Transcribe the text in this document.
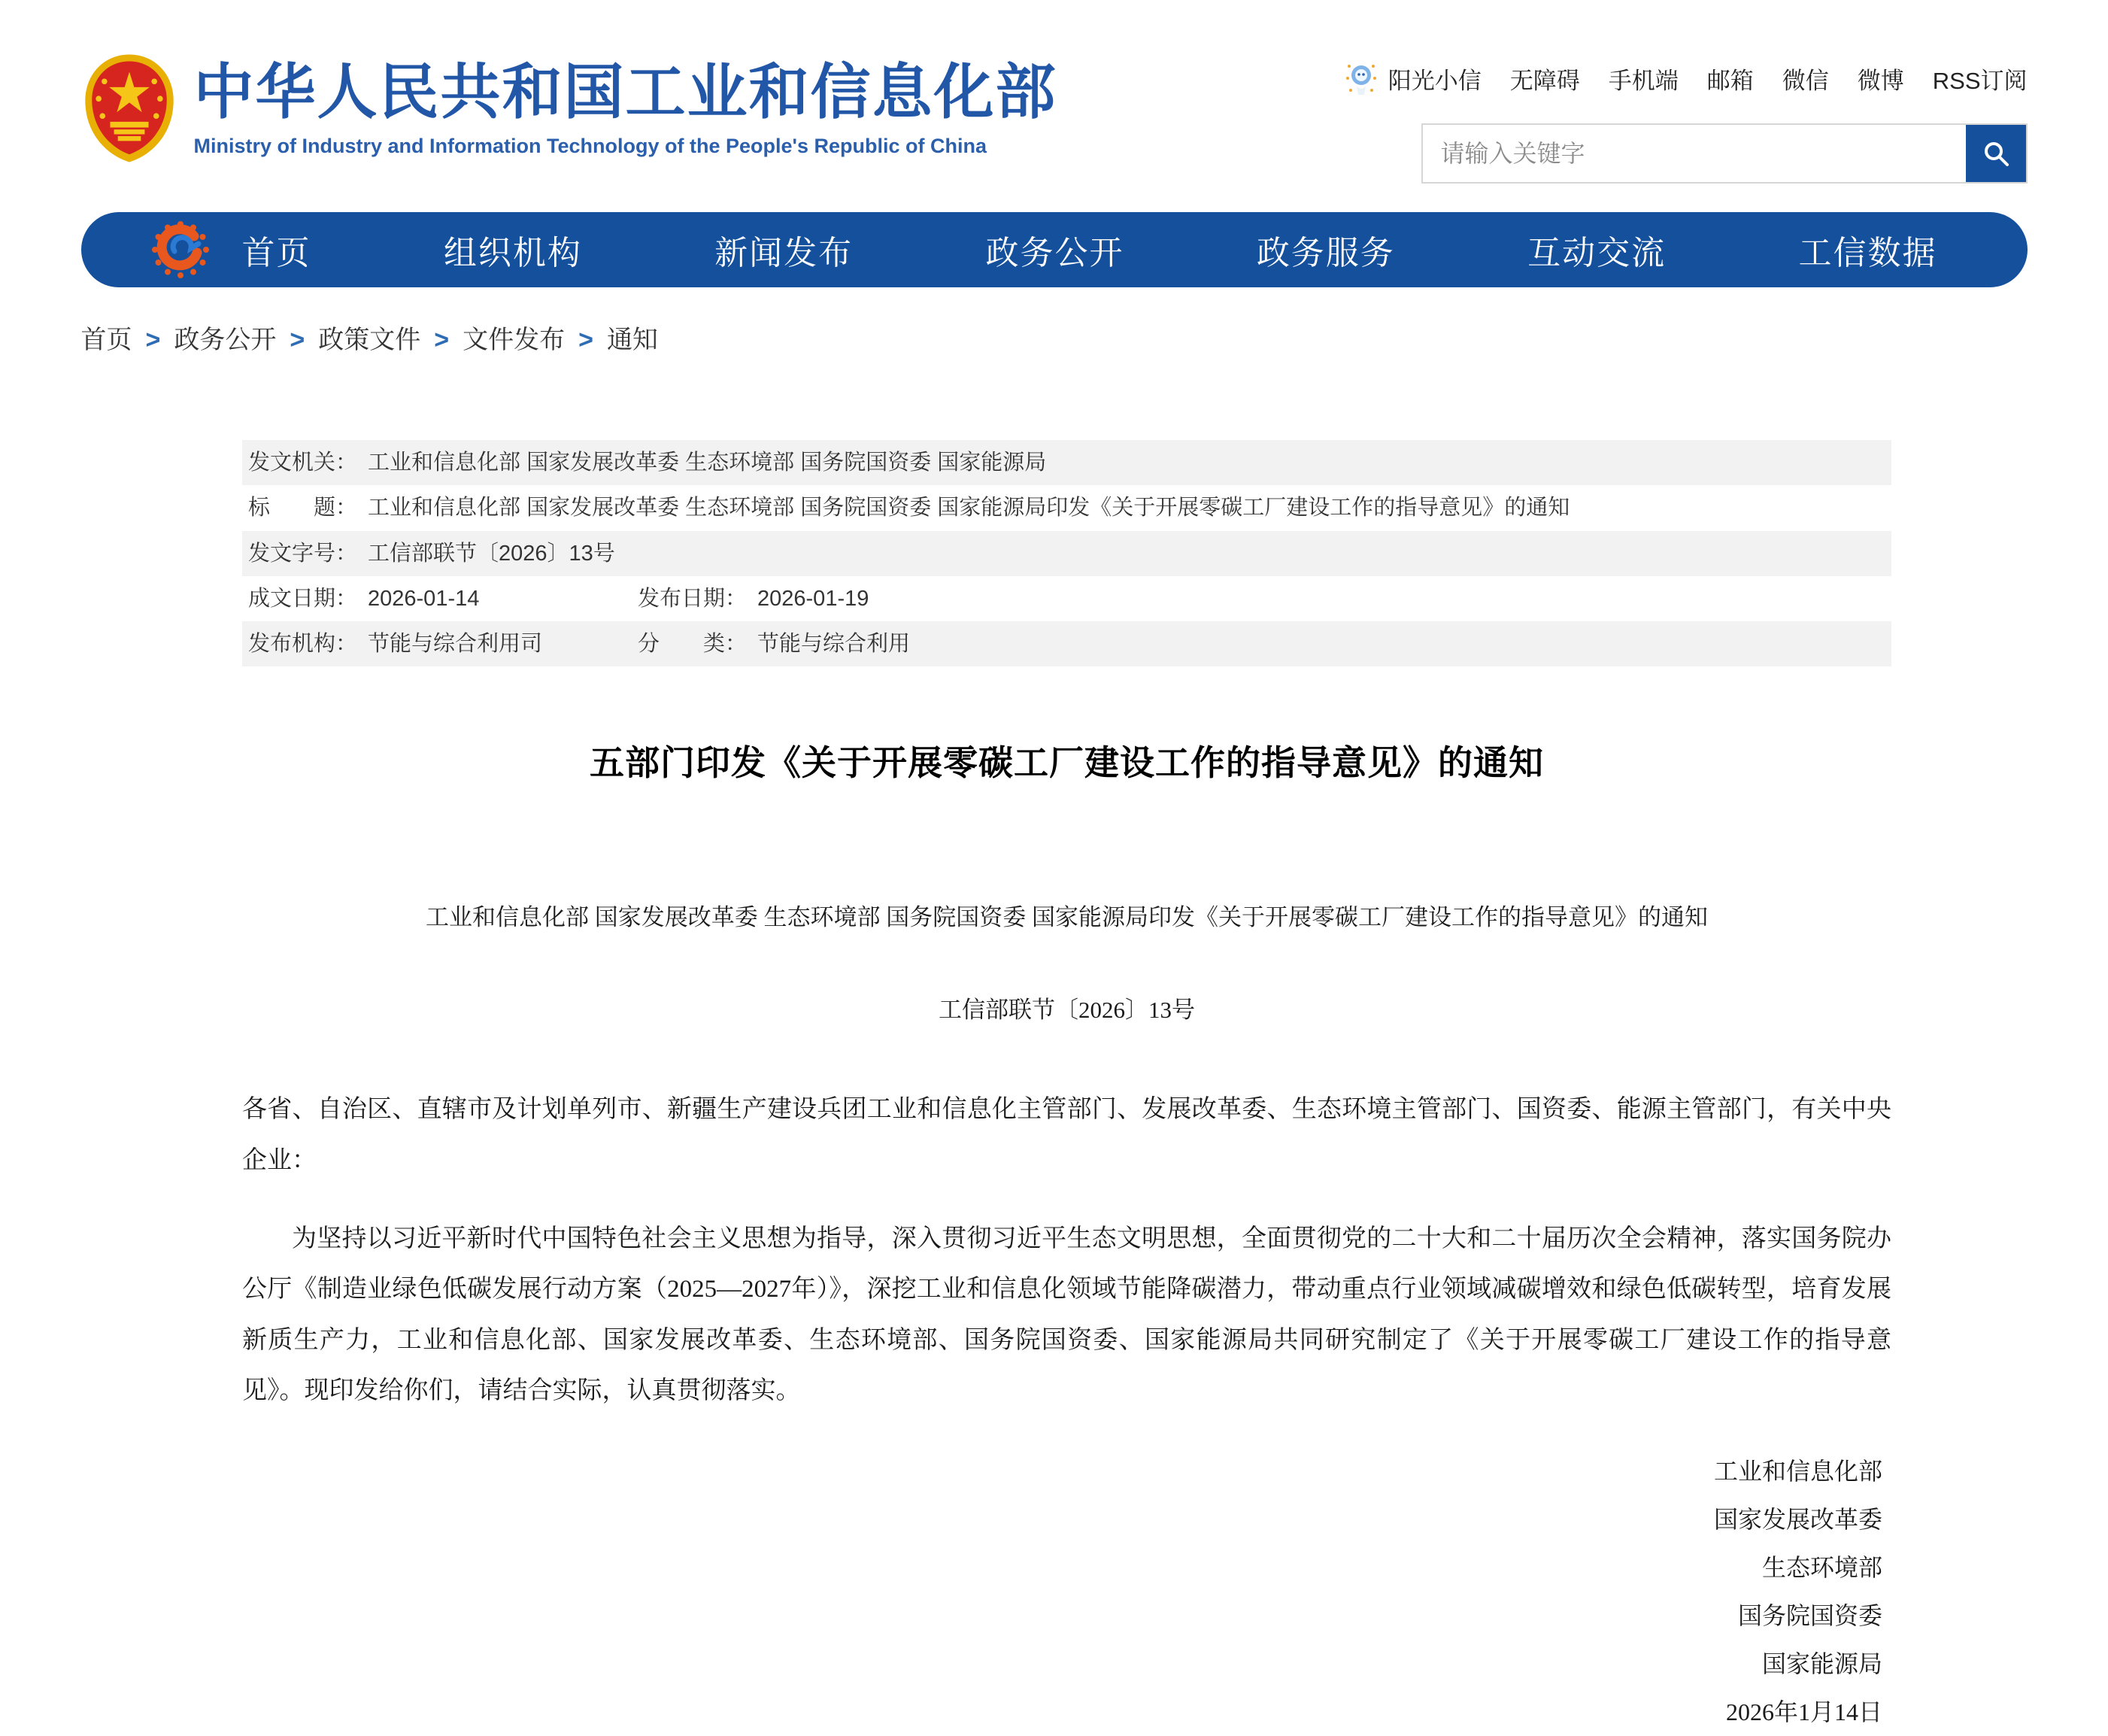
中华人民共和国工业和信息化部
Ministry of Industry and Information Technology of the People's Republic of China
阳光小信 无障碍 手机端 邮箱 微信 微博 RSS订阅
请输入关键字
首页	组织机构	新闻发布	政务公开	政务服务	互动交流	工信数据
首页	> 政务公开	> 政策文件	> 文件发布	> 通知
发文机关： 工业和信息化部 国家发展改革委 生态环境部 国务院国资委 国家能源局
标　　题： 工业和信息化部 国家发展改革委 生态环境部 国务院国资委 国家能源局印发《关于开展零碳工厂建设工作的指导意见》的通知
发文字号： 工信部联节〔2026〕13号
成文日期： 2026-01-14	发布日期： 2026-01-19
发布机构： 节能与综合利用司	分　　类： 节能与综合利用
五部门印发《关于开展零碳工厂建设工作的指导意见》的通知

工业和信息化部 国家发展改革委 生态环境部 国务院国资委 国家能源局印发《关于开展零碳工厂建设工作的指导意见》的通知

工信部联节〔2026〕13号

各省、自治区、直辖市及计划单列市、新疆生产建设兵团工业和信息化主管部门、发展改革委、生态环境主管部门、国资委、能源主管部门，有关中央企业：

为坚持以习近平新时代中国特色社会主义思想为指导，深入贯彻习近平生态文明思想，全面贯彻党的二十大和二十届历次全会精神，落实国务院办公厅《制造业绿色低碳发展行动方案（2025—2027年）》，深挖工业和信息化领域节能降碳潜力，带动重点行业领域减碳增效和绿色低碳转型，培育发展新质生产力，工业和信息化部、国家发展改革委、生态环境部、国务院国资委、国家能源局共同研究制定了《关于开展零碳工厂建设工作的指导意见》。现印发给你们，请结合实际，认真贯彻落实。

工业和信息化部
国家发展改革委
生态环境部
国务院国资委
国家能源局
2026年1月14日
